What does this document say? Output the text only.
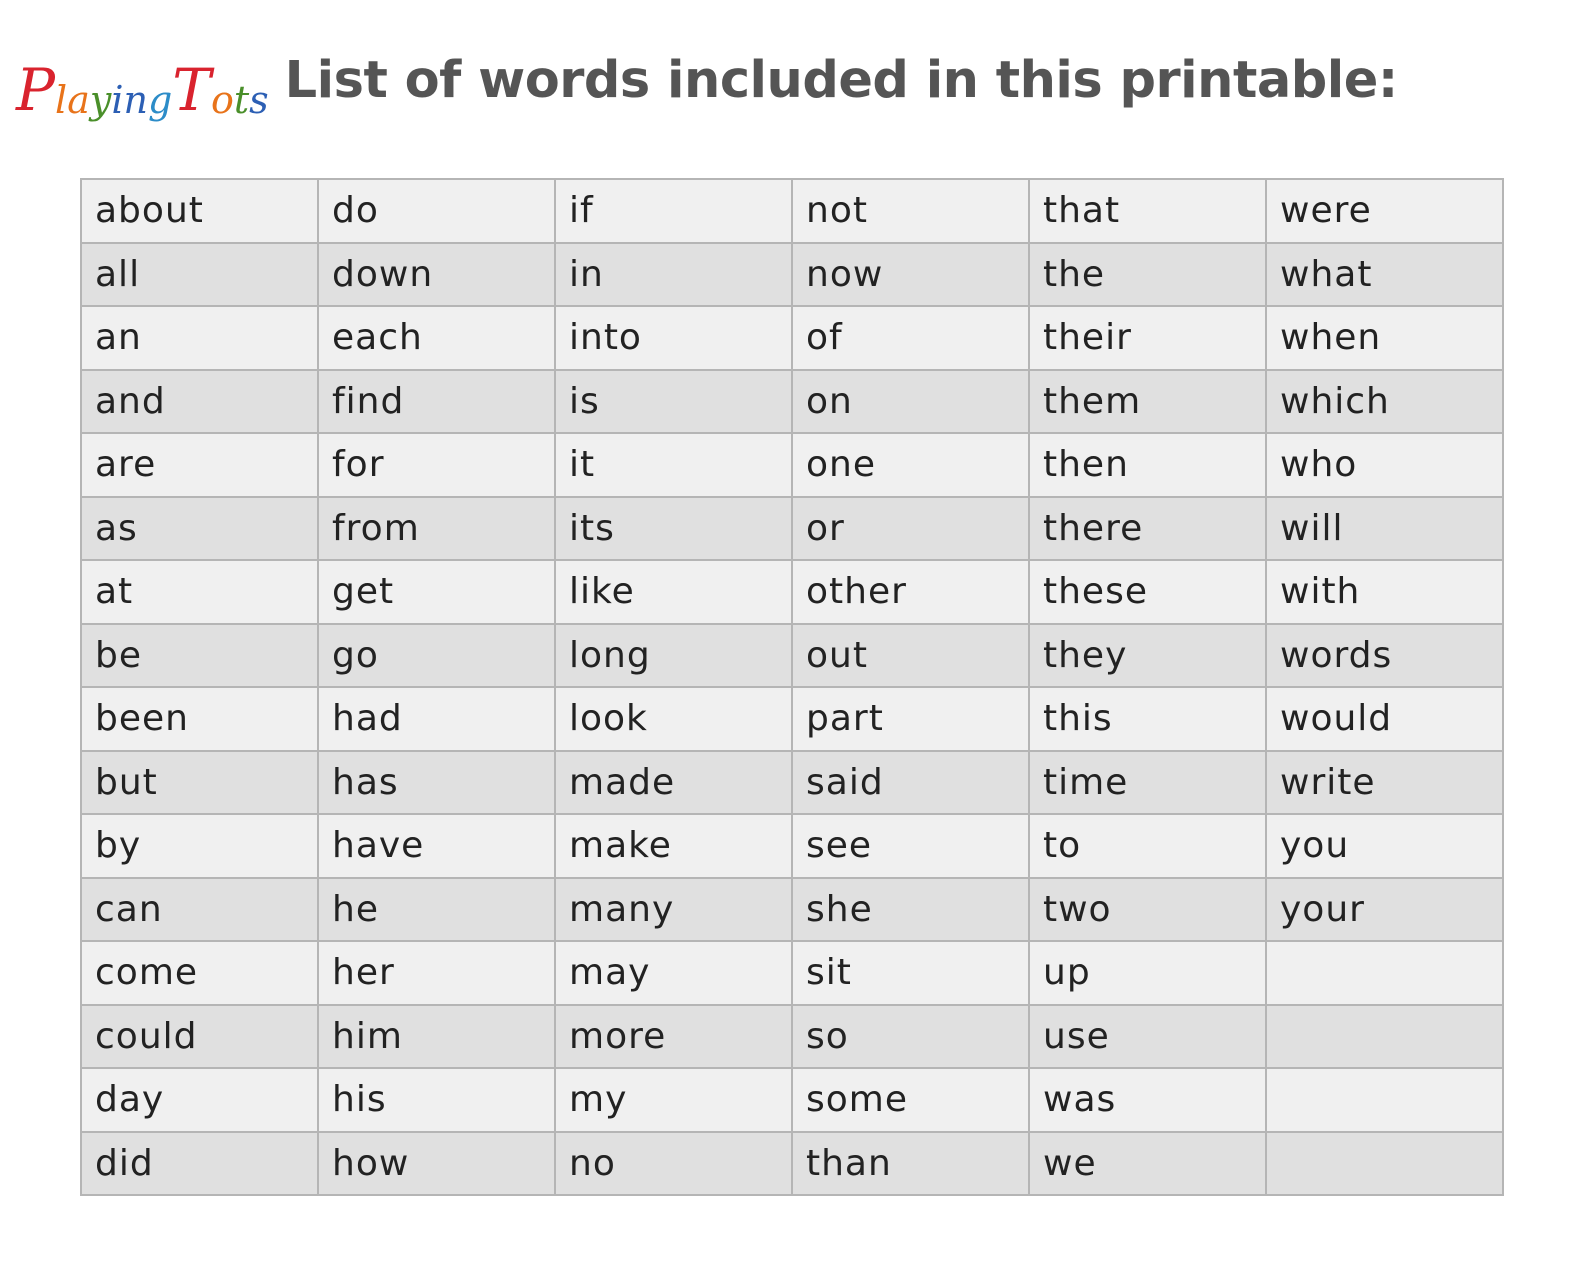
P l a y i n g T o t s List of words included in this printable:
about	do	if	not	that	were
all	down	in	now	the	what
an	each	into	of	their	when
and	find	is	on	them	which
are	for	it	one	then	who
as	from	its	or	there	will
at	get	like	other	these	with
be	go	long	out	they	words
been	had	look	part	this	would
but	has	made	said	time	write
by	have	make	see	to	you
can	he	many	she	two	your
come	her	may	sit	up	
could	him	more	so	use	
day	his	my	some	was	
did	how	no	than	we	
